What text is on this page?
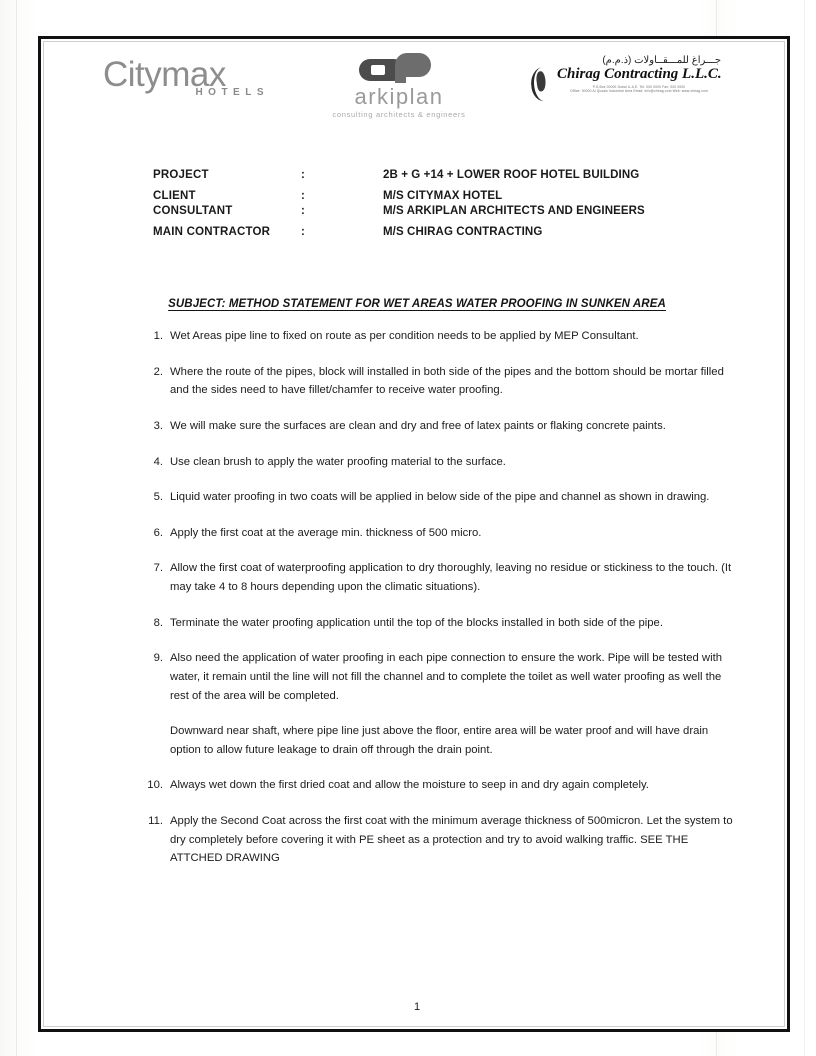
Citymax
HOTELS	arkiplan
consulting architects & engineers
جـــراغ للمـــقــاولات (ذ.م.م)
Chirag Contracting L.L.C.
P.O.Box 00000 Dubai U.A.E. Tel: 000 0000 Fax: 000 0000
Office: 00000 Al Qusais Industrial Area Email: info@chirag.com Web: www.chirag.com
PROJECT	:	2B + G +14 + LOWER ROOF HOTEL BUILDING
CLIENT	:	M/S CITYMAX HOTEL
CONSULTANT	:	M/S ARKIPLAN ARCHITECTS AND ENGINEERS
MAIN CONTRACTOR	:	M/S CHIRAG CONTRACTING
SUBJECT: METHOD STATEMENT FOR WET AREAS WATER PROOFING IN SUNKEN AREA
1. Wet Areas pipe line to fixed on route as per condition needs to be applied by MEP Consultant.
2. Where the route of the pipes, block will installed in both side of the pipes and the bottom should be mortar filled and the sides need to have fillet/chamfer to receive water proofing.
3. We will make sure the surfaces are clean and dry and free of latex paints or flaking concrete paints.
4. Use clean brush to apply the water proofing material to the surface.
5. Liquid water proofing in two coats will be applied in below side of the pipe and channel as shown in drawing.
6. Apply the first coat at the average min. thickness of 500 micro.
7. Allow the first coat of waterproofing application to dry thoroughly, leaving no residue or stickiness to the touch. (It may take 4 to 8 hours depending upon the climatic situations).
8. Terminate the water proofing application until the top of the blocks installed in both side of the pipe.
9. Also need the application of water proofing in each pipe connection to ensure the work. Pipe will be tested with water, it remain until the line will not fill the channel and to complete the toilet as well water proofing as well the rest of the area will be completed.
Downward near shaft, where pipe line just above the floor, entire area will be water proof and will have drain option to allow future leakage to drain off through the drain point.
10. Always wet down the first dried coat and allow the moisture to seep in and dry again completely.
11. Apply the Second Coat across the first coat with the minimum average thickness of 500micron. Let the system to dry completely before covering it with PE sheet as a protection and try to avoid walking traffic. SEE THE ATTCHED DRAWING
1
